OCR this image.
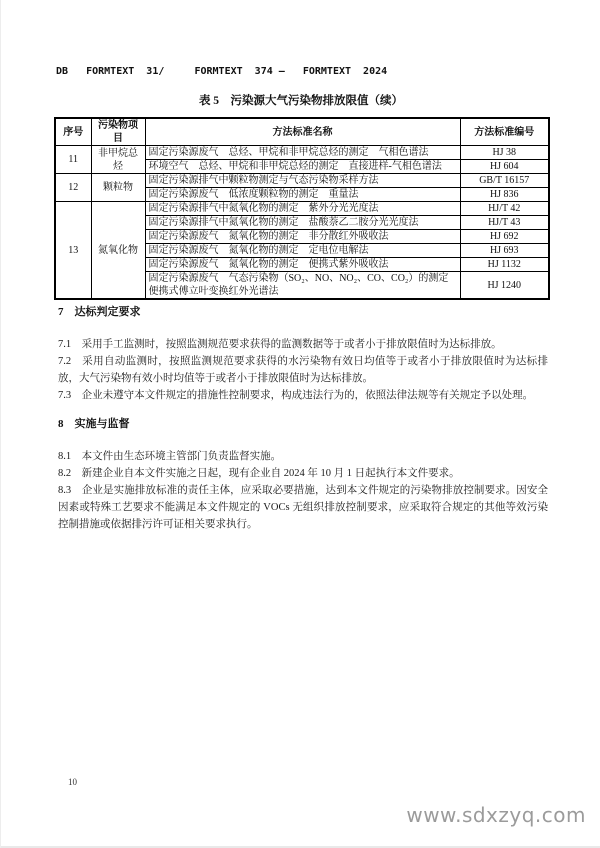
DB   FORMTEXT  31/     FORMTEXT  374 —   FORMTEXT  2024
表 5　污染源大气污染物排放限值（续）
序号	污染物项目	方法标准名称	方法标准编号
11	非甲烷总烃	固定污染源废气　总烃、甲烷和非甲烷总烃的测定　气相色谱法	HJ 38
		环境空气　总烃、甲烷和非甲烷总烃的测定　直接进样-气相色谱法	HJ 604
12	颗粒物	固定污染源排气中颗粒物测定与气态污染物采样方法	GB/T 16157
		固定污染源废气　低浓度颗粒物的测定　重量法	HJ 836
13	氮氧化物	固定污染源排气中氮氧化物的测定　紫外分光光度法	HJ/T 42
		固定污染源排气中氮氧化物的测定　盐酸萘乙二胺分光光度法	HJ/T 43
		固定污染源废气　氮氧化物的测定　非分散红外吸收法	HJ 692
		固定污染源废气　氮氧化物的测定　定电位电解法	HJ 693
		固定污染源废气　氮氧化物的测定　便携式紫外吸收法	HJ 1132
		固定污染源废气　气态污染物（SO₂、NO、NO₂、CO、CO₂）的测定　便携式傅立叶变换红外光谱法	HJ 1240
7　达标判定要求

7.1　采用手工监测时，按照监测规范要求获得的监测数据等于或者小于排放限值时为达标排放。

7.2　采用自动监测时，按照监测规范要求获得的水污染物有效日均值等于或者小于排放限值时为达标排放，大气污染物有效小时均值等于或者小于排放限值时为达标排放。

7.3　企业未遵守本文件规定的措施性控制要求，构成违法行为的，依照法律法规等有关规定予以处理。

8　实施与监督

8.1　本文件由生态环境主管部门负责监督实施。

8.2　新建企业自本文件实施之日起，现有企业自 2024 年 10 月 1 日起执行本文件要求。

8.3　企业是实施排放标准的责任主体，应采取必要措施，达到本文件规定的污染物排放控制要求。因安全因素或特殊工艺要求不能满足本文件规定的 VOCs 无组织排放控制要求，应采取符合规定的其他等效污染控制措施或依据排污许可证相关要求执行。

10
www.sdxzyq.com
